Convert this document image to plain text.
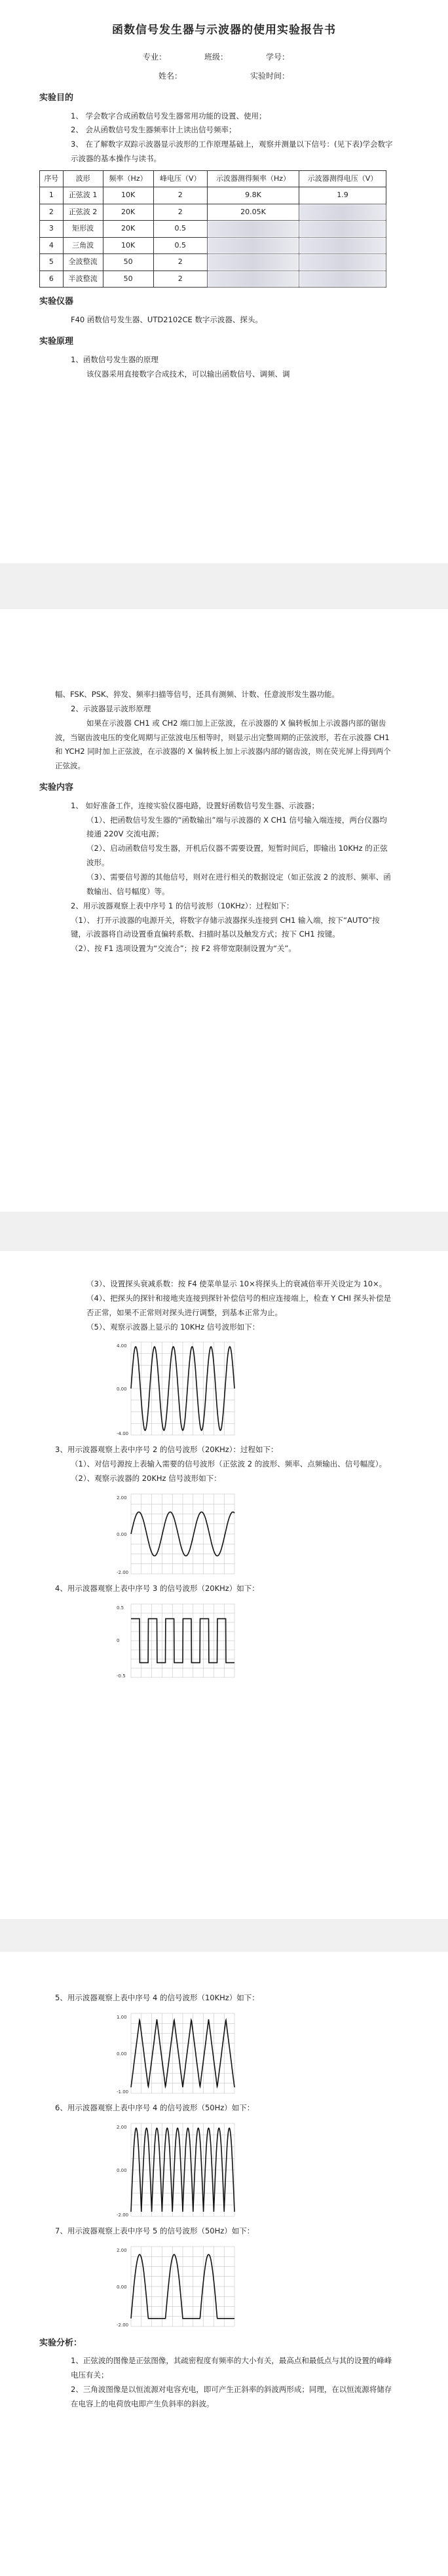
函数信号发生器与示波器的使用实验报告书
专业：	班级：	学号：
姓名：	实验时间：
实验目的
1、 学会数字合成函数信号发生器常用功能的设置、使用；
2、 会从函数信号发生器频率计上读出信号频率；
3、 在了解数字双踪示波器显示波形的工作原理基础上，观察并测量以下信号：(见下表)学会数字示波器的基本操作与读书。
序号	波形	频率（Hz）	峰电压（V）	示波器测得频率（Hz）	示波器测得电压（V）
1	正弦波 1	10K	2	9.8K	1.9
2	正弦波 2	20K	2	20.05K	
3	矩形波	20K	0.5		
4	三角波	10K	0.5		
5	全波整流	50	2		
6	半波整流	50	2		
实验仪器
F40 函数信号发生器、UTD2102CE 数字示波器、探头。
实验原理
1、函数信号发生器的原理
该仪器采用直接数字合成技术，可以输出函数信号、调频、调
幅、FSK、PSK、猝发、频率扫描等信号，还具有测频、计数、任意波形发生器功能。
2、示波器显示波形原理
如果在示波器 CH1 或 CH2 端口加上正弦波，在示波器的 X 偏转板加上示波器内部的锯齿波，当锯齿波电压的变化周期与正弦波电压相等时，则显示出完整周期的正弦波形，若在示波器 CH1 和 YCH2 同时加上正弦波，在示波器的 X 偏转板上加上示波器内部的锯齿波，则在荧光屏上得到两个正弦波。
实验内容
1、 如好准备工作，连接实验仪器电路，设置好函数信号发生器、示波器；
（1）、把函数信号发生器的“函数输出”端与示波器的 X CH1 信号输入端连接，两台仪器均接通 220V 交流电源；
（2）、启动函数信号发生器，开机后仪器不需要设置，短暂时间后，即输出 10KHz 的正弦波形。
（3）、需要信号源的其他信号，则对在进行相关的数据设定（如正弦波 2 的波形、频率、函数输出、信号幅度）等。
2、用示波器观察上表中序号 1 的信号波形（10KHz）：过程如下：
（1）、 打开示波器的电源开关，将数字存储示波器探头连接到 CH1 输入端，按下“AUTO”按键，示波器将自动设置垂直偏转系数、扫描时基以及触发方式；按下 CH1 按键。
（2）、按 F1 选项设置为“交流合”；按 F2 将带宽限制设置为“关”。
（3）、设置探头衰减系数：按 F4 使菜单显示 10×将探头上的衰减倍率开关设定为 10×。
（4）、把探头的探针和接地夹连接到探针补偿信号的相应连接端上，检查 Y CHI 探头补偿是否正常，如果不正常则对探头进行调整，到基本正常为止。
（5）、观察示波器上显示的 10KHz 信号波形如下：
4.00
0.00
-4.00
3、用示波器观察上表中序号 2 的信号波形（20KHz）：过程如下：
（1）、对信号源按上表输入需要的信号波形（正弦波 2 的波形、频率、点频输出、信号幅度）。
（2）、观察示波器的 20KHz 信号波形如下：
2.00
0.00
-2.00
4、用示波器观察上表中序号 3 的信号波形（20KHz）如下：
0.5
0
-0.5
5、用示波器观察上表中序号 4 的信号波形（10KHz）如下：
1.00
0.00
-1.00
6、用示波器观察上表中序号 4 的信号波形（50Hz）如下：
2.00
0.00
-2.00
7、用示波器观察上表中序号 5 的信号波形（50Hz）如下：
2.00
0.00
-2.00
实验分析：
1、正弦波的图像是正弦图像，其疏密程度有频率的大小有关，最高点和最低点与其的设置的峰峰电压有关；
2、三角波图像是以恒流源对电容充电，即可产生正斜率的斜波两形成；同理，在以恒流源将储存在电容上的电荷放电即产生负斜率的斜波。
